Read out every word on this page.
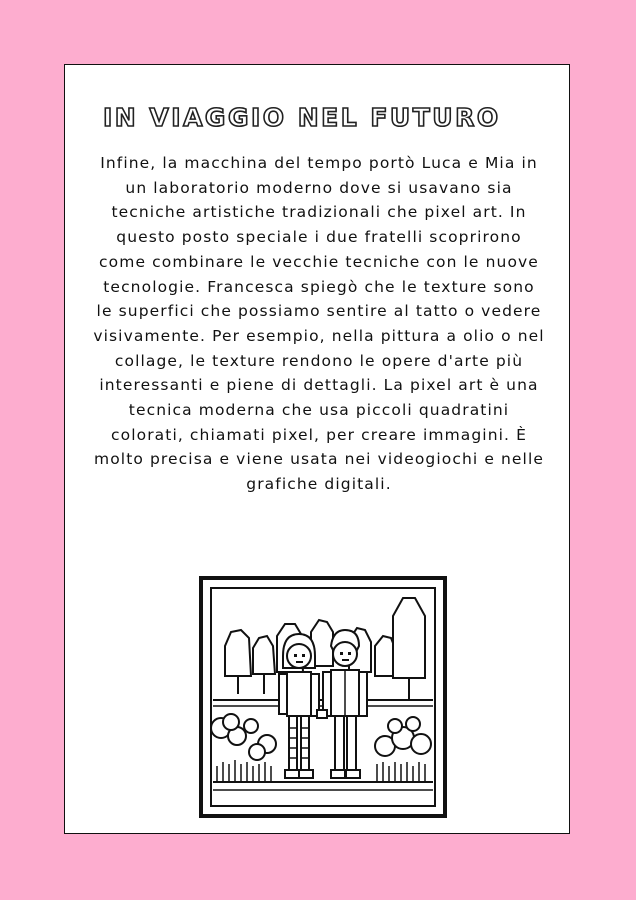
IN VIAGGIO NEL FUTURO

Infine, la macchina del tempo portò Luca e Mia in un laboratorio moderno dove si usavano sia tecniche artistiche tradizionali che pixel art. In questo posto speciale i due fratelli scoprirono come combinare le vecchie tecniche con le nuove tecnologie. Francesca spiegò che le texture sono le superfici che possiamo sentire al tatto o vedere visivamente. Per esempio, nella pittura a olio o nel collage, le texture rendono le opere d'arte più interessanti e piene di dettagli. La pixel art è una tecnica moderna che usa piccoli quadratini colorati, chiamati pixel, per creare immagini. È molto precisa e viene usata nei videogiochi e nelle grafiche digitali.
